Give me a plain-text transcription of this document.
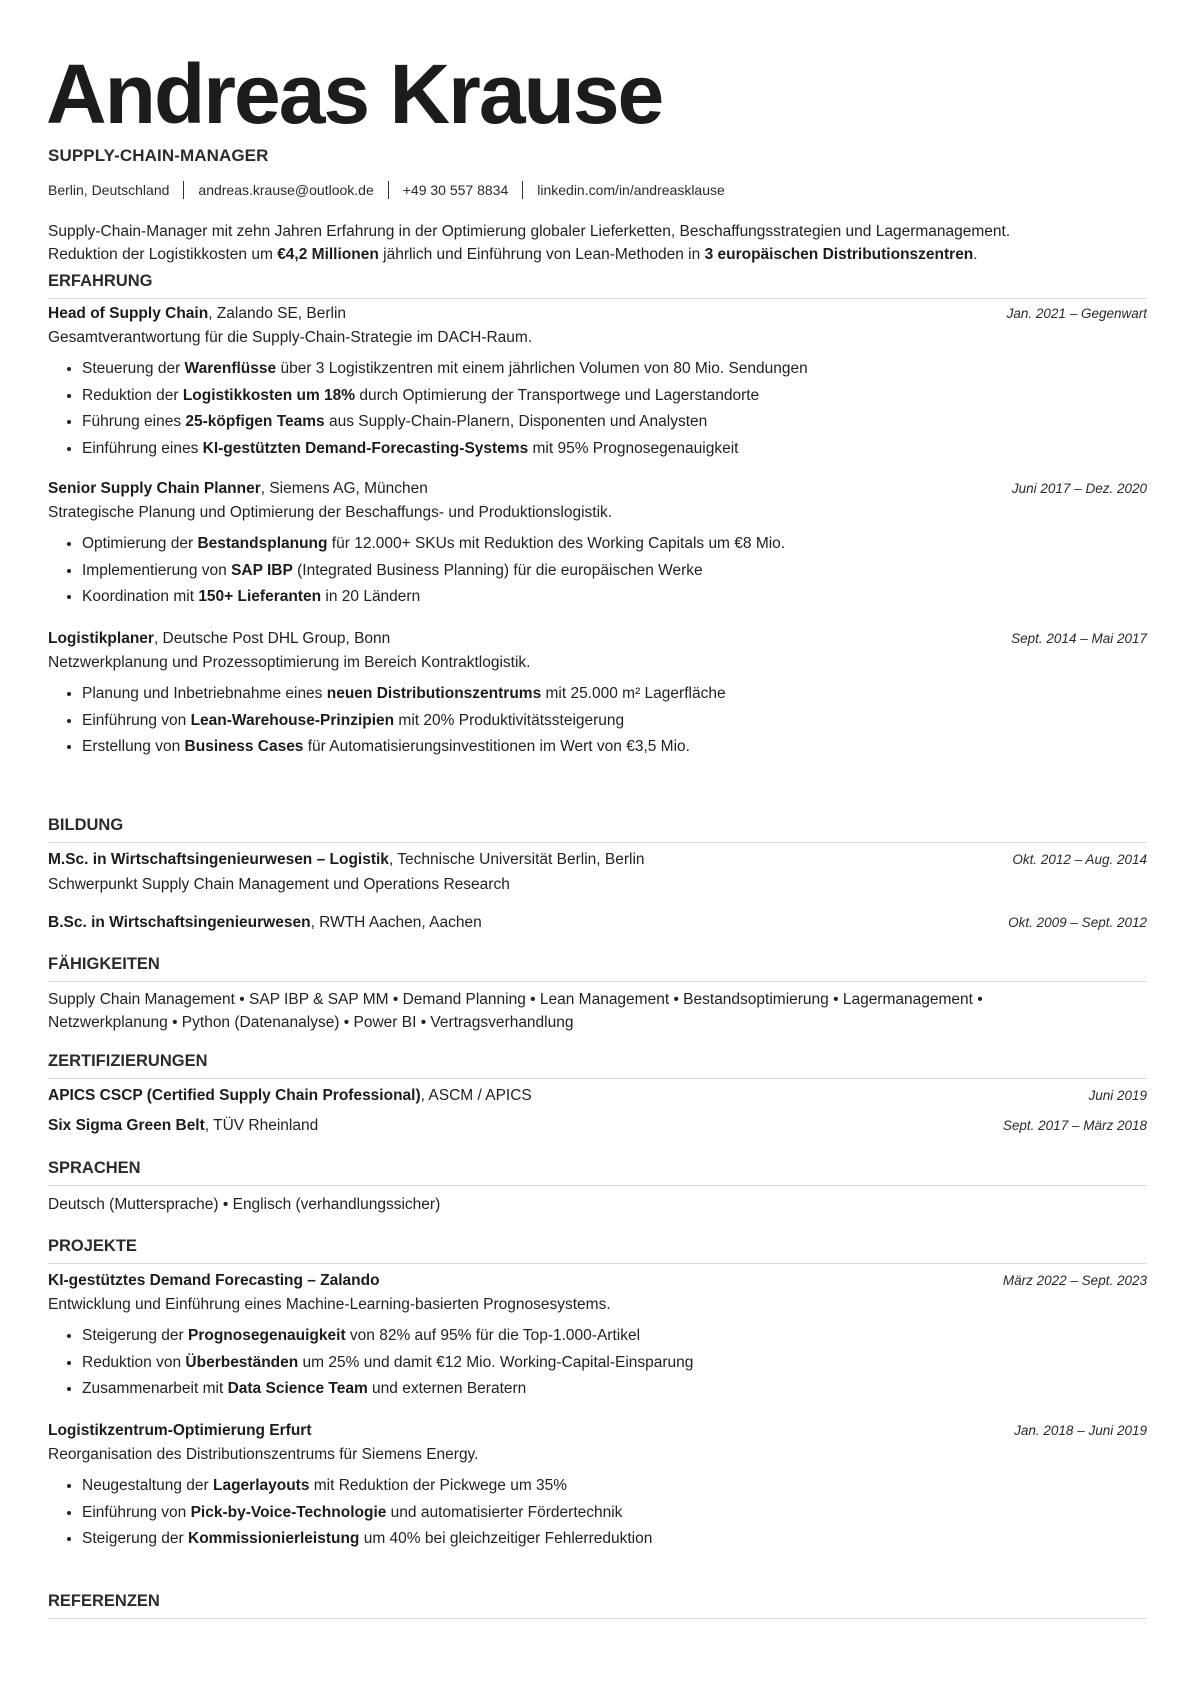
Andreas Krause
SUPPLY-CHAIN-MANAGER
Berlin, Deutschland andreas.krause@outlook.de +49 30 557 8834 linkedin.com/in/andreasklause
Supply-Chain-Manager mit zehn Jahren Erfahrung in der Optimierung globaler Lieferketten, Beschaffungsstrategien und Lagermanagement.
Reduktion der Logistikkosten um €4,2 Millionen jährlich und Einführung von Lean-Methoden in 3 europäischen Distributionszentren.
ERFAHRUNG
Head of Supply Chain, Zalando SE, Berlin	Jan. 2021 – Gegenwart
Gesamtverantwortung für die Supply-Chain-Strategie im DACH-Raum.
• Steuerung der Warenflüsse über 3 Logistikzentren mit einem jährlichen Volumen von 80 Mio. Sendungen
• Reduktion der Logistikkosten um 18% durch Optimierung der Transportwege und Lagerstandorte
• Führung eines 25-köpfigen Teams aus Supply-Chain-Planern, Disponenten und Analysten
• Einführung eines KI-gestützten Demand-Forecasting-Systems mit 95% Prognosegenauigkeit
Senior Supply Chain Planner, Siemens AG, München	Juni 2017 – Dez. 2020
Strategische Planung und Optimierung der Beschaffungs- und Produktionslogistik.
• Optimierung der Bestandsplanung für 12.000+ SKUs mit Reduktion des Working Capitals um €8 Mio.
• Implementierung von SAP IBP (Integrated Business Planning) für die europäischen Werke
• Koordination mit 150+ Lieferanten in 20 Ländern
Logistikplaner, Deutsche Post DHL Group, Bonn	Sept. 2014 – Mai 2017
Netzwerkplanung und Prozessoptimierung im Bereich Kontraktlogistik.
• Planung und Inbetriebnahme eines neuen Distributionszentrums mit 25.000 m² Lagerfläche
• Einführung von Lean-Warehouse-Prinzipien mit 20% Produktivitätssteigerung
• Erstellung von Business Cases für Automatisierungsinvestitionen im Wert von €3,5 Mio.
BILDUNG
M.Sc. in Wirtschaftsingenieurwesen – Logistik, Technische Universität Berlin, Berlin	Okt. 2012 – Aug. 2014
Schwerpunkt Supply Chain Management und Operations Research
B.Sc. in Wirtschaftsingenieurwesen, RWTH Aachen, Aachen	Okt. 2009 – Sept. 2012
FÄHIGKEITEN
Supply Chain Management • SAP IBP & SAP MM • Demand Planning • Lean Management • Bestandsoptimierung • Lagermanagement •
Netzwerkplanung • Python (Datenanalyse) • Power BI • Vertragsverhandlung
ZERTIFIZIERUNGEN
APICS CSCP (Certified Supply Chain Professional), ASCM / APICS	Juni 2019
Six Sigma Green Belt, TÜV Rheinland	Sept. 2017 – März 2018
SPRACHEN
Deutsch (Muttersprache) • Englisch (verhandlungssicher)
PROJEKTE
KI-gestütztes Demand Forecasting – Zalando	März 2022 – Sept. 2023
Entwicklung und Einführung eines Machine-Learning-basierten Prognosesystems.
• Steigerung der Prognosegenauigkeit von 82% auf 95% für die Top-1.000-Artikel
• Reduktion von Überbeständen um 25% und damit €12 Mio. Working-Capital-Einsparung
• Zusammenarbeit mit Data Science Team und externen Beratern
Logistikzentrum-Optimierung Erfurt	Jan. 2018 – Juni 2019
Reorganisation des Distributionszentrums für Siemens Energy.
• Neugestaltung der Lagerlayouts mit Reduktion der Pickwege um 35%
• Einführung von Pick-by-Voice-Technologie und automatisierter Fördertechnik
• Steigerung der Kommissionierleistung um 40% bei gleichzeitiger Fehlerreduktion
REFERENZEN
